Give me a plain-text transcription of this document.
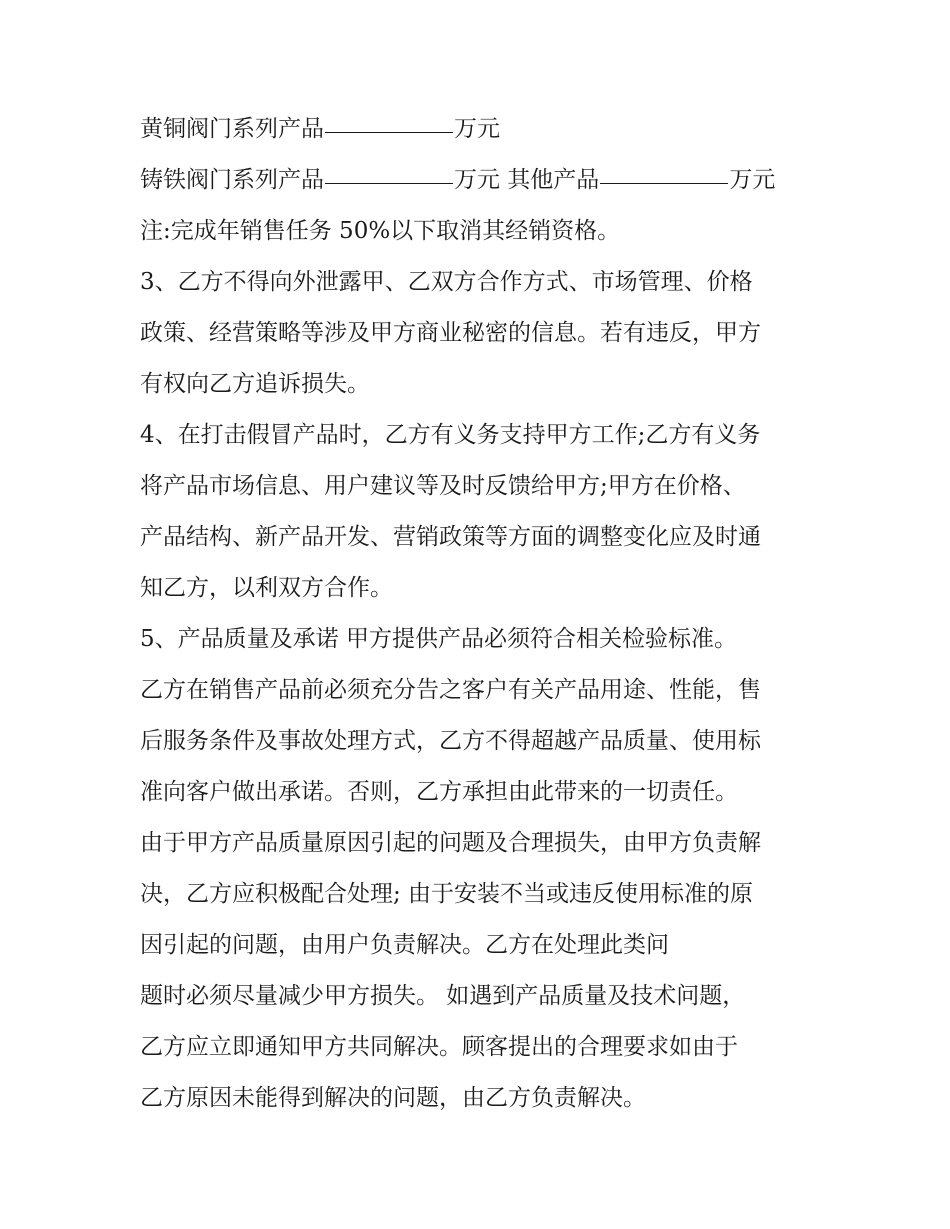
黄铜阀门系列产品	万元
铸铁阀门系列产品	万元 其他产品	万元
注:完成年销售任务 50%以下取消其经销资格。
3、乙方不得向外泄露甲、乙双方合作方式、市场管理、价格
政策、经营策略等涉及甲方商业秘密的信息。若有违反，甲方
有权向乙方追诉损失。
4、在打击假冒产品时，乙方有义务支持甲方工作;乙方有义务
将产品市场信息、用户建议等及时反馈给甲方;甲方在价格、
产品结构、新产品开发、营销政策等方面的调整变化应及时通
知乙方，以利双方合作。
5、产品质量及承诺 甲方提供产品必须符合相关检验标准。
乙方在销售产品前必须充分告之客户有关产品用途、性能，售
后服务条件及事故处理方式，乙方不得超越产品质量、使用标
准向客户做出承诺。否则，乙方承担由此带来的一切责任。
由于甲方产品质量原因引起的问题及合理损失，由甲方负责解
决，乙方应积极配合处理; 由于安装不当或违反使用标准的原
因引起的问题，由用户负责解决。乙方在处理此类问
题时必须尽量减少甲方损失。 如遇到产品质量及技术问题，
乙方应立即通知甲方共同解决。顾客提出的合理要求如由于
乙方原因未能得到解决的问题，由乙方负责解决。
